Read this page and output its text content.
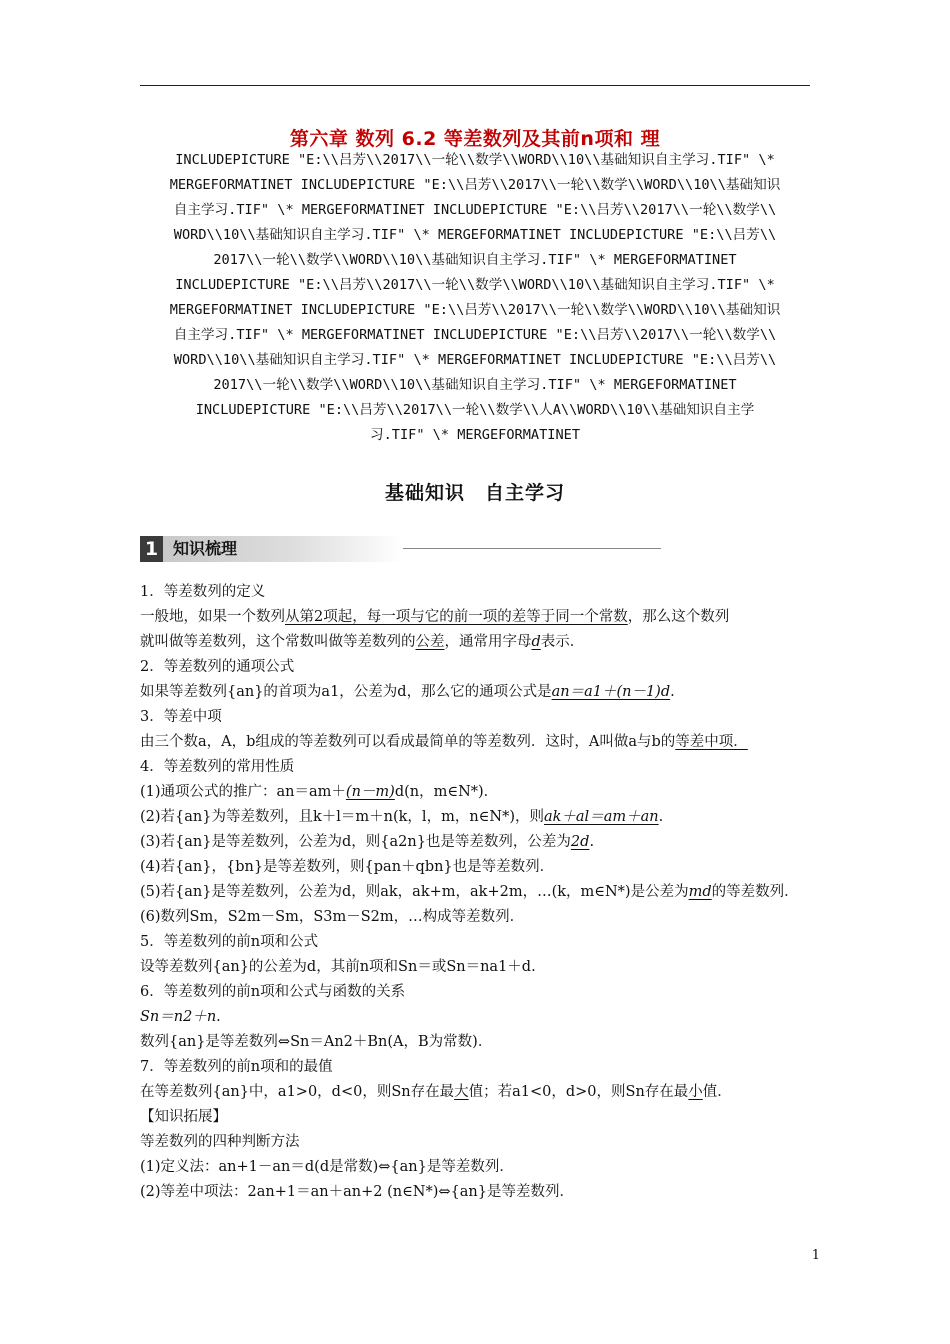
第六章 数列 6.2 等差数列及其前n项和 理
INCLUDEPICTURE "E:\\吕芳\\2017\\一轮\\数学\\WORD\\10\\基础知识自主学习.TIF" \*
MERGEFORMATINET INCLUDEPICTURE "E:\\吕芳\\2017\\一轮\\数学\\WORD\\10\\基础知识
自主学习.TIF" \* MERGEFORMATINET INCLUDEPICTURE "E:\\吕芳\\2017\\一轮\\数学\\
WORD\\10\\基础知识自主学习.TIF" \* MERGEFORMATINET INCLUDEPICTURE "E:\\吕芳\\
2017\\一轮\\数学\\WORD\\10\\基础知识自主学习.TIF" \* MERGEFORMATINET
INCLUDEPICTURE "E:\\吕芳\\2017\\一轮\\数学\\WORD\\10\\基础知识自主学习.TIF" \*
MERGEFORMATINET INCLUDEPICTURE "E:\\吕芳\\2017\\一轮\\数学\\WORD\\10\\基础知识
自主学习.TIF" \* MERGEFORMATINET INCLUDEPICTURE "E:\\吕芳\\2017\\一轮\\数学\\
WORD\\10\\基础知识自主学习.TIF" \* MERGEFORMATINET INCLUDEPICTURE "E:\\吕芳\\
2017\\一轮\\数学\\WORD\\10\\基础知识自主学习.TIF" \* MERGEFORMATINET
INCLUDEPICTURE "E:\\吕芳\\2017\\一轮\\数学\\人A\\WORD\\10\\基础知识自主学
习.TIF" \* MERGEFORMATINET
基础知识　自主学习
1 知识梳理
1．等差数列的定义
一般地，如果一个数列从第2项起，每一项与它的前一项的差等于同一个常数，那么这个数列
就叫做等差数列，这个常数叫做等差数列的公差，通常用字母d表示．
2．等差数列的通项公式
如果等差数列{an}的首项为a1，公差为d，那么它的通项公式是an＝a1＋(n－1)d.
3．等差中项
由三个数a，A，b组成的等差数列可以看成最简单的等差数列．这时，A叫做a与b的等差中项．
4．等差数列的常用性质
(1)通项公式的推广：an＝am＋(n－m)d(n，m∈N*)．
(2)若{an}为等差数列，且k＋l＝m＋n(k，l，m，n∈N*)，则ak＋al＝am＋an.
(3)若{an}是等差数列，公差为d，则{a2n}也是等差数列，公差为2d.
(4)若{an}，{bn}是等差数列，则{pan＋qbn}也是等差数列．
(5)若{an}是等差数列，公差为d，则ak，ak+m，ak+2m，…(k，m∈N*)是公差为md的等差数列．
(6)数列Sm，S2m－Sm，S3m－S2m，…构成等差数列．
5．等差数列的前n项和公式
设等差数列{an}的公差为d，其前n项和Sn＝或Sn＝na1＋d.
6．等差数列的前n项和公式与函数的关系
Sn＝n2＋n.
数列{an}是等差数列⇔Sn＝An2＋Bn(A，B为常数)．
7．等差数列的前n项和的最值
在等差数列{an}中，a1>0，d<0，则Sn存在最大值；若a1<0，d>0，则Sn存在最小值．
【知识拓展】
等差数列的四种判断方法
(1)定义法：an+1－an＝d(d是常数)⇔{an}是等差数列．
(2)等差中项法：2an+1＝an＋an+2 (n∈N*)⇔{an}是等差数列．
1
